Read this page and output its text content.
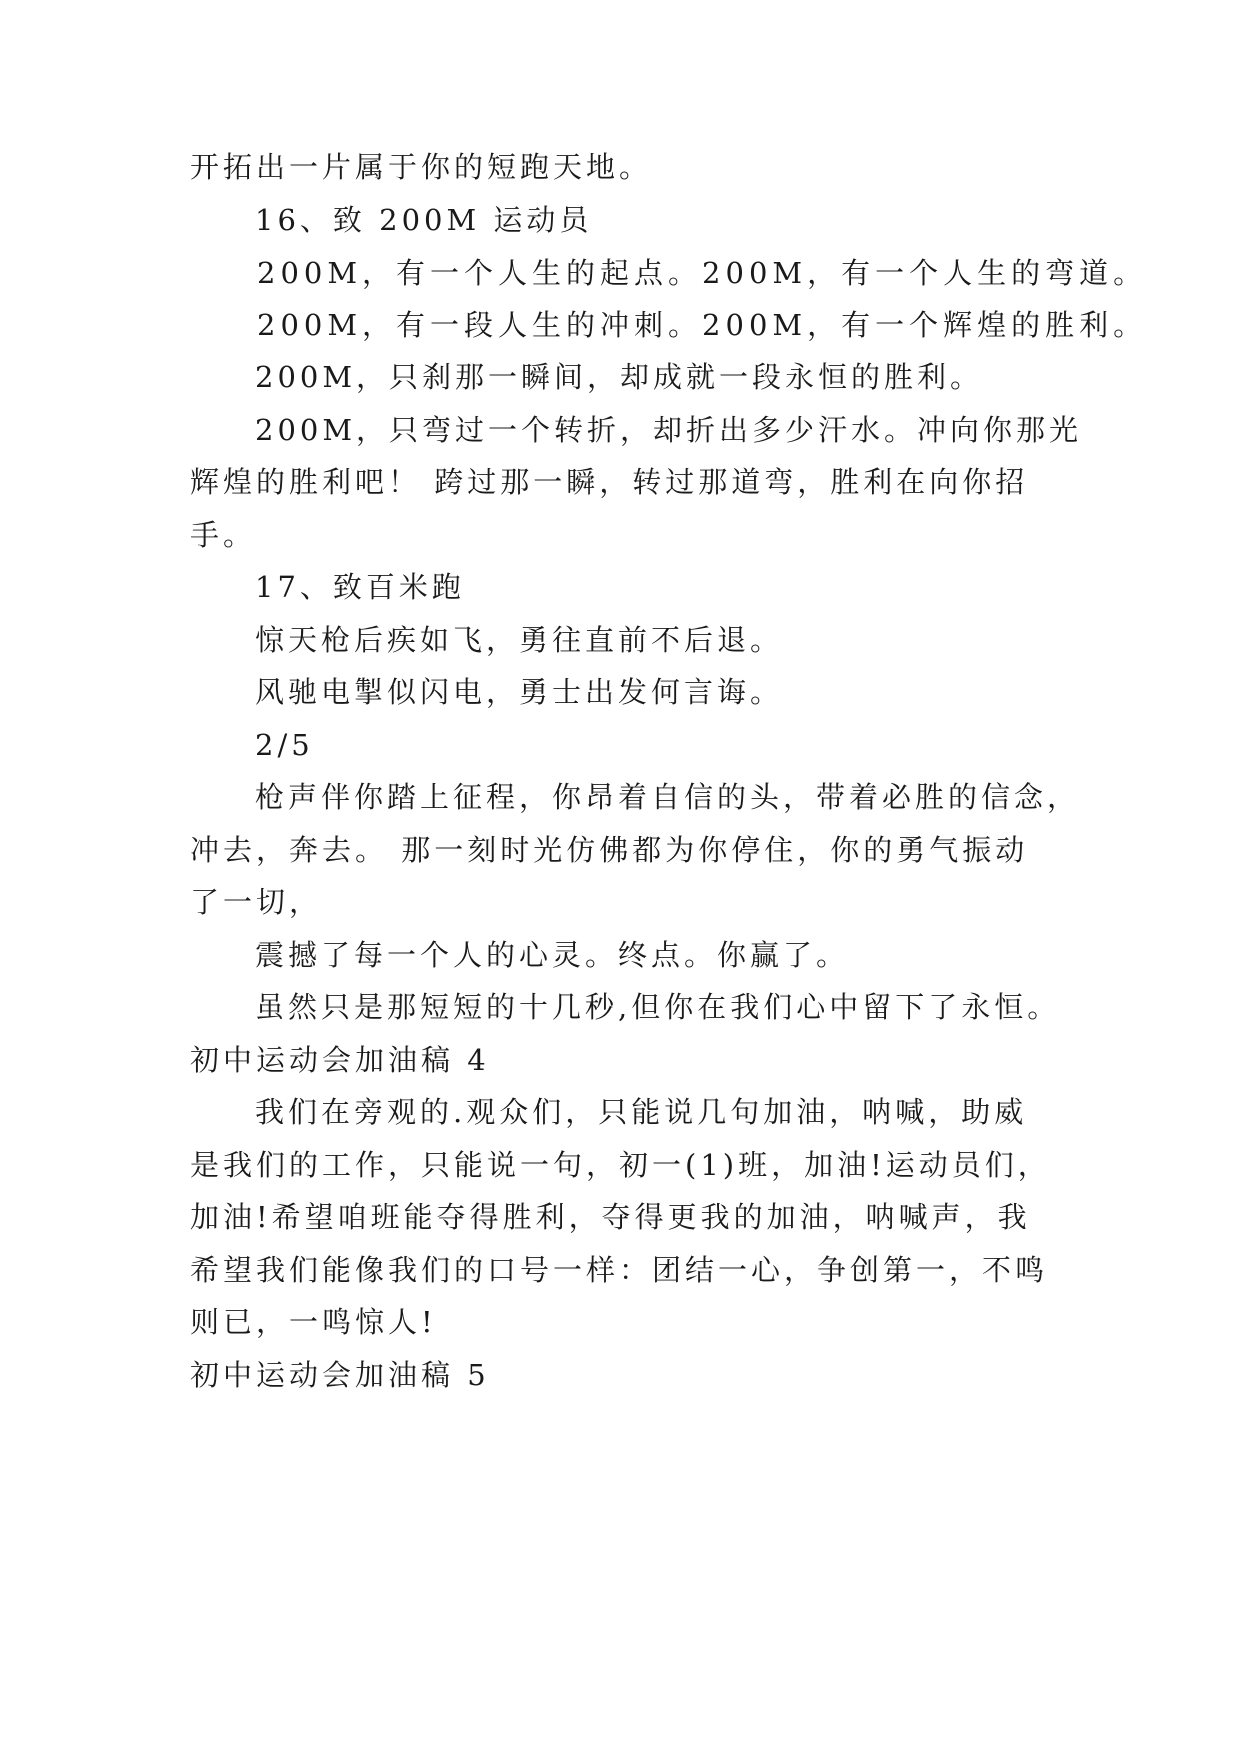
开拓出一片属于你的短跑天地。
16、致 200M 运动员
200M，有一个人生的起点。200M，有一个人生的弯道。
200M，有一段人生的冲刺。200M，有一个辉煌的胜利。
200M，只刹那一瞬间，却成就一段永恒的胜利。
200M，只弯过一个转折，却折出多少汗水。冲向你那光
辉煌的胜利吧！ 跨过那一瞬，转过那道弯，胜利在向你招
手。
17、致百米跑
惊天枪后疾如飞，勇往直前不后退。
风驰电掣似闪电，勇士出发何言诲。
2/5
枪声伴你踏上征程，你昂着自信的头，带着必胜的信念，
冲去，奔去。 那一刻时光仿佛都为你停住，你的勇气振动
了一切，
震撼了每一个人的心灵。终点。你赢了。
虽然只是那短短的十几秒,但你在我们心中留下了永恒。
初中运动会加油稿 4
我们在旁观的.观众们，只能说几句加油，呐喊，助威
是我们的工作，只能说一句，初一(1)班，加油!运动员们，
加油!希望咱班能夺得胜利，夺得更我的加油，呐喊声，我
希望我们能像我们的口号一样：团结一心，争创第一，不鸣
则已，一鸣惊人!
初中运动会加油稿 5
